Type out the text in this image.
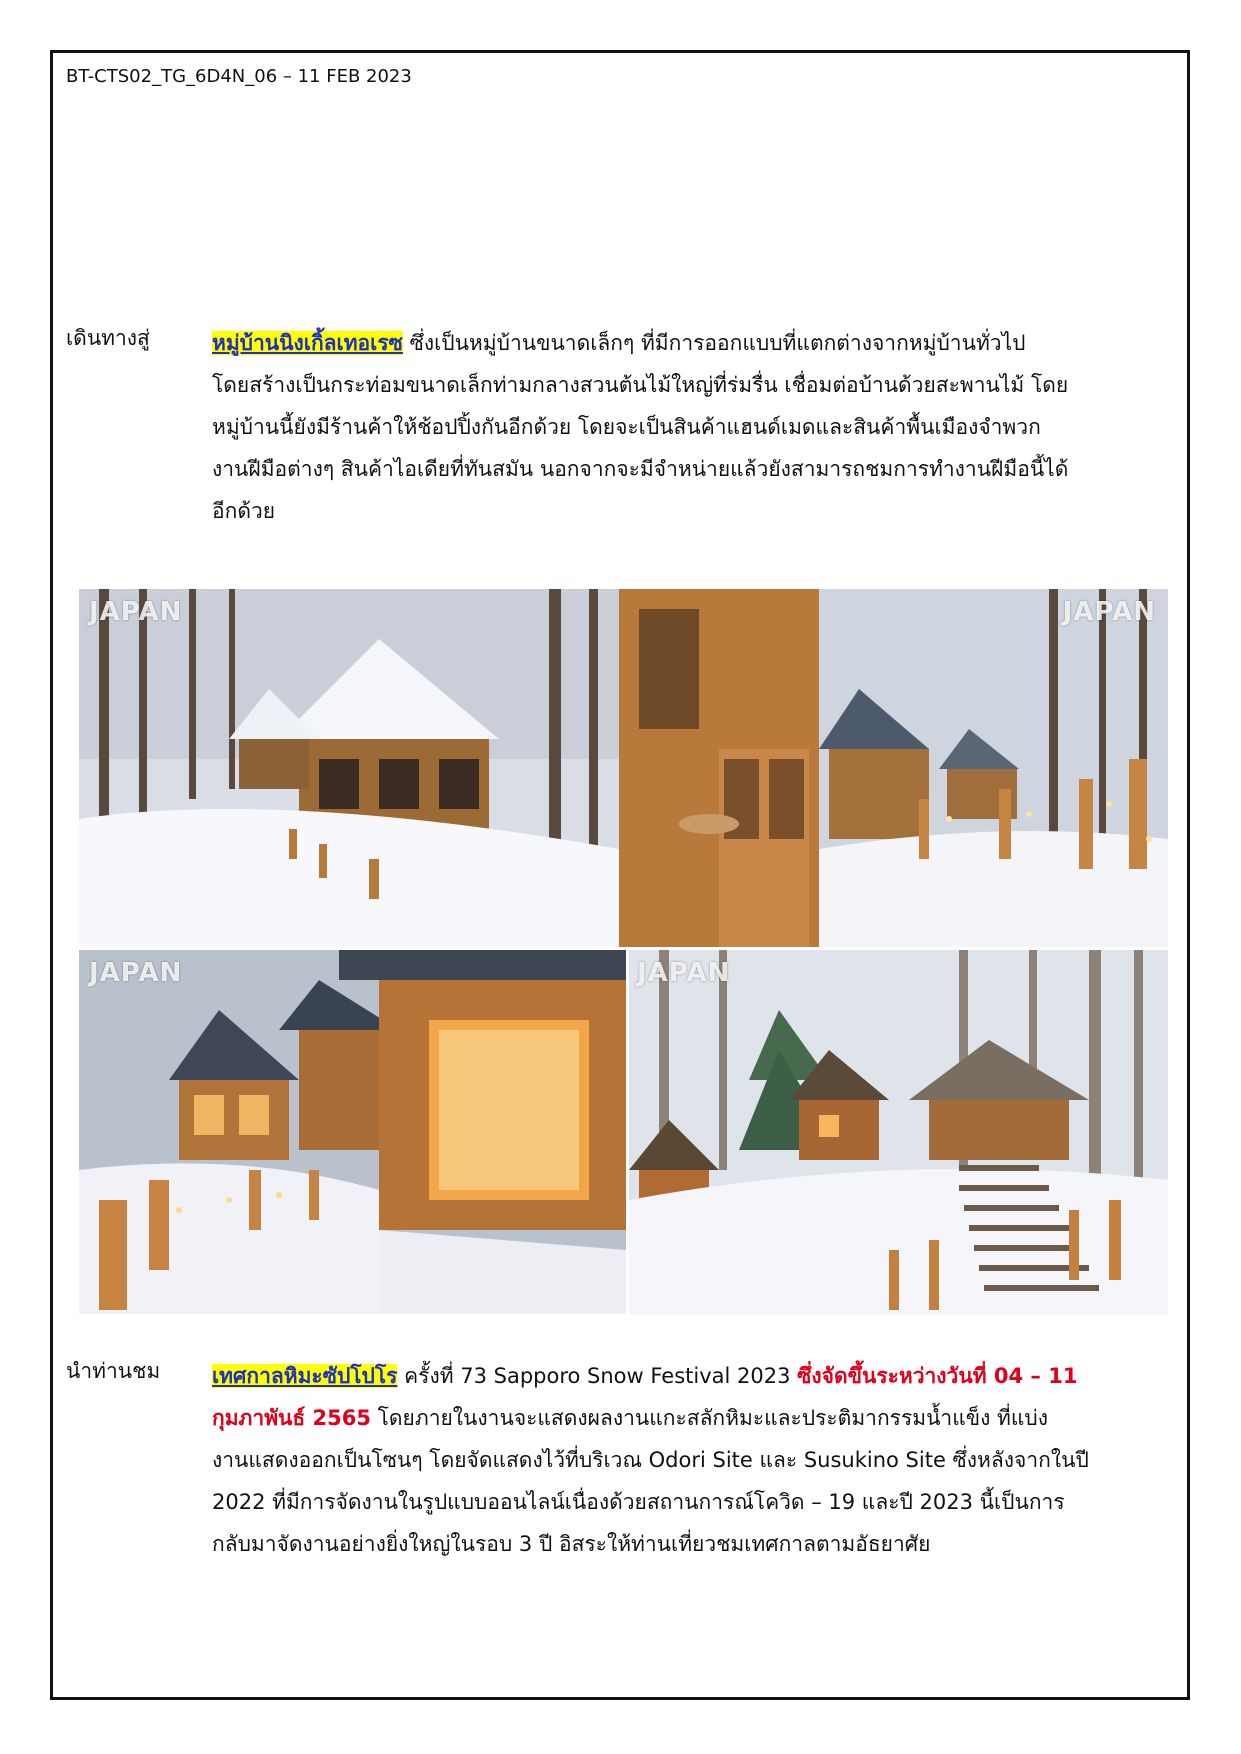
BT-CTS02_TG_6D4N_06 – 11 FEB 2023
เดินทางสู่	หมู่บ้านนิงเกิ้ลเทอเรซ ซึ่งเป็นหมู่บ้านขนาดเล็กๆ ที่มีการออกแบบที่แตกต่างจากหมู่บ้านทั่วไป

โดยสร้างเป็นกระท่อมขนาดเล็กท่ามกลางสวนต้นไม้ใหญ่ที่ร่มรื่น เชื่อมต่อบ้านด้วยสะพานไม้ โดย

หมู่บ้านนี้ยังมีร้านค้าให้ช้อปปิ้งกันอีกด้วย โดยจะเป็นสินค้าแฮนด์เมดและสินค้าพื้นเมืองจำพวก

งานฝีมือต่างๆ สินค้าไอเดียที่ทันสมัน นอกจากจะมีจำหน่ายแล้วยังสามารถชมการทำงานฝีมือนี้ได้

อีกด้วย

JAPAN	JAPAN
JAPAN	JAPAN
นำท่านชม เทศกาลหิมะซัปโปโร ครั้งที่ 73 Sapporo Snow Festival 2023 ซึ่งจัดขึ้นระหว่างวันที่ 04 – 11

กุมภาพันธ์ 2565 โดยภายในงานจะแสดงผลงานแกะสลักหิมะและประติมากรรมน้ำแข็ง ที่แบ่ง

งานแสดงออกเป็นโซนๆ โดยจัดแสดงไว้ที่บริเวณ Odori Site และ Susukino Site ซึ่งหลังจากในปี

2022 ที่มีการจัดงานในรูปแบบออนไลน์เนื่องด้วยสถานการณ์โควิด – 19 และปี 2023 นี้เป็นการ

กลับมาจัดงานอย่างยิ่งใหญ่ในรอบ 3 ปี อิสระให้ท่านเที่ยวชมเทศกาลตามอัธยาศัย
